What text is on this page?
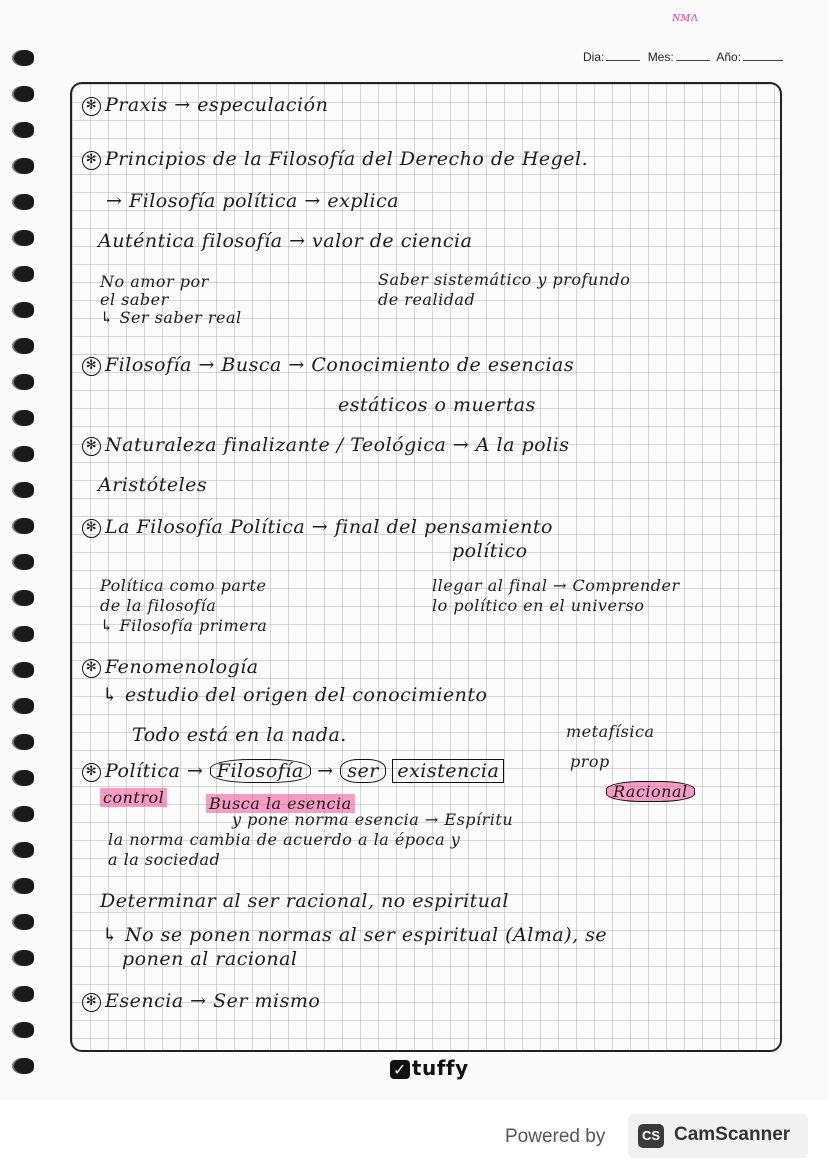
ɴᴍʌ
Dia:	Mes:	Año:
✻ Praxis → especulación
✻ Principios de la Filosofía del Derecho de Hegel.
→ Filosofía política → explica
Auténtica filosofía → valor de ciencia
No amor por	Saber sistemático y profundo
el saber	de realidad
↳ Ser saber real
✻ Filosofía → Busca → Conocimiento de esencias
estáticos o muertas
✻ Naturaleza finalizante / Teológica → A la polis
Aristóteles
✻ La Filosofía Política → final del pensamiento
político
Política como parte	llegar al final → Comprender
de la filosofía	lo político en el universo
↳ Filosofía primera
✻ Fenomenología
↳ estudio del origen del conocimiento
Todo está en la nada.	metafísica
✻ Política → Filosofía → ser existencia	prop
control	Busca la esencia
Racional
y pone norma esencia → Espíritu
la norma cambia de acuerdo a la época y
a la sociedad
Determinar al ser racional, no espiritual
↳ No se ponen normas al ser espiritual (Alma), se
ponen al racional
✻ Esencia → Ser mismo
✓ tuffy
Powered by	CS CamScanner
